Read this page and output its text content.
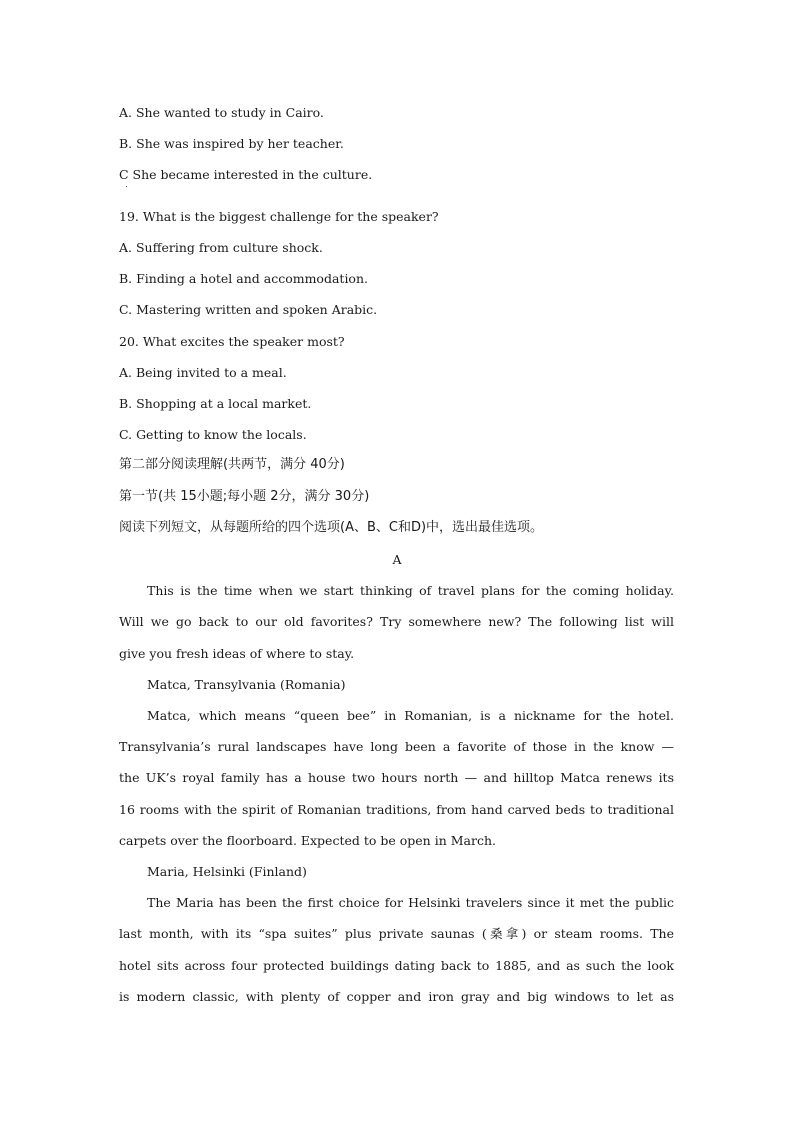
A. She wanted to study in Cairo.
B. She was inspired by her teacher.
C She became interested in the culture.
19. What is the biggest challenge for the speaker?
A. Suffering from culture shock.
B. Finding a hotel and accommodation.
C. Mastering written and spoken Arabic.
20. What excites the speaker most?
A. Being invited to a meal.
B. Shopping at a local market.
C. Getting to know the locals.
第二部分阅读理解(共两节，满分 40分)
第一节(共 15小题;每小题 2分，满分 30分)
阅读下列短文，从每题所给的四个选项(A、B、C和D)中，选出最佳选项。
A
This is the time when we start thinking of travel plans for the coming holiday.
Will we go back to our old favorites? Try somewhere new? The following list will
give you fresh ideas of where to stay.
Matca, Transylvania (Romania)
Matca, which means “queen bee” in Romanian, is a nickname for the hotel.
Transylvania’s rural landscapes have long been a favorite of those in the know —
the UK’s royal family has a house two hours north — and hilltop Matca renews its
16 rooms with the spirit of Romanian traditions, from hand carved beds to traditional
carpets over the floorboard. Expected to be open in March.
Maria, Helsinki (Finland)
The Maria has been the first choice for Helsinki travelers since it met the public
last month, with its “spa suites” plus private saunas (桑拿) or steam rooms. The
hotel sits across four protected buildings dating back to 1885, and as such the look
is modern classic, with plenty of copper and iron gray and big windows to let as
